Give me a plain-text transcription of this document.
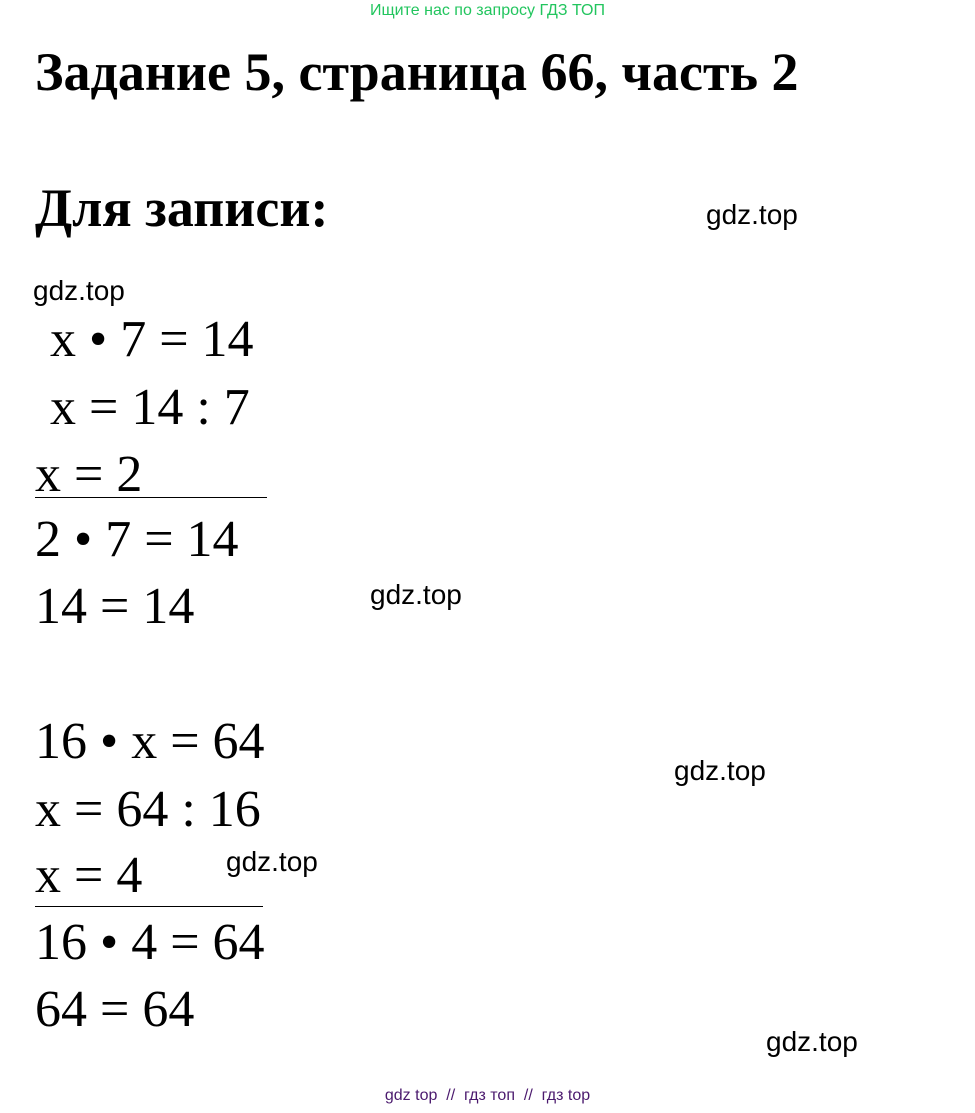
Ищите нас по запросу ГДЗ ТОП
Задание 5, страница 66, часть 2
Для записи:	gdz.top
gdz.top
x • 7 = 14
x = 14 : 7
x = 2
2 • 7 = 14
14 = 14	gdz.top
16 • x = 64
gdz.top
x = 64 : 16
x = 4	gdz.top
16 • 4 = 64
64 = 64
gdz.top
gdz top  //  гдз топ  //  гдз top
